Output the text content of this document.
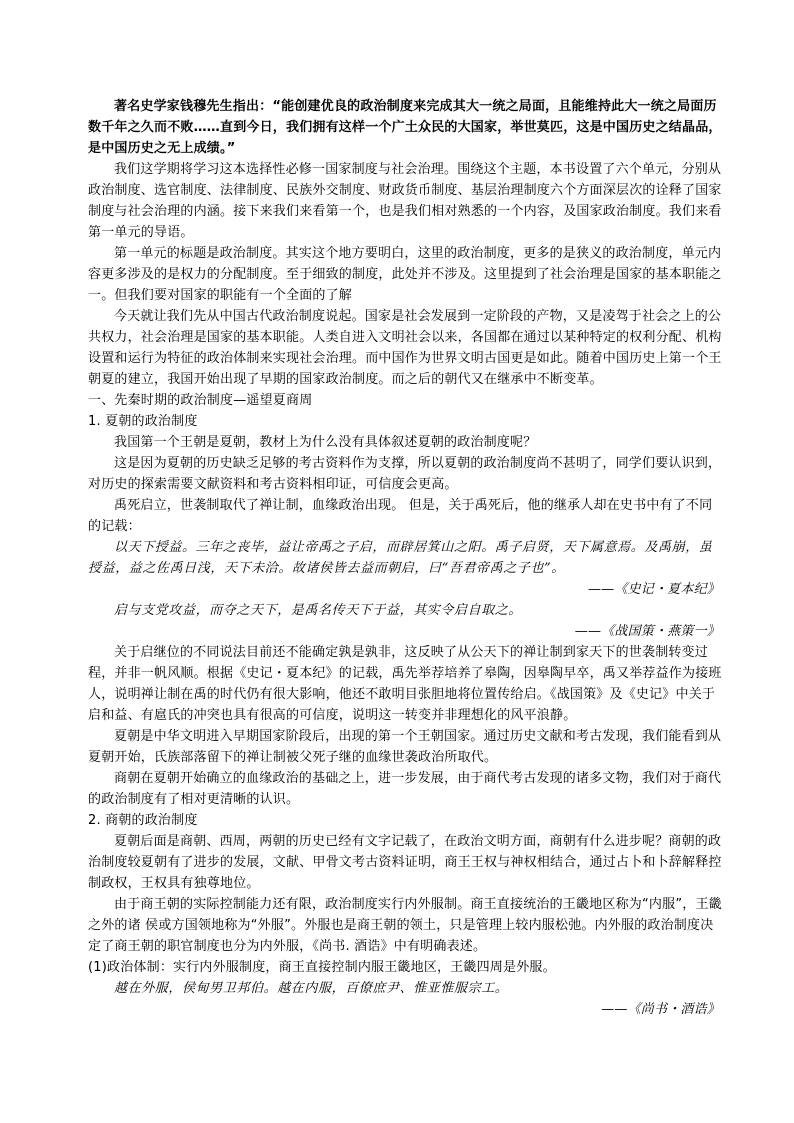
著名史学家钱穆先生指出：“能创建优良的政治制度来完成其大一统之局面，且能维持此大一统之局面历数千年之久而不败……直到今日，我们拥有这样一个广土众民的大国家，举世莫匹，这是中国历史之结晶品，是中国历史之无上成绩。”

我们这学期将学习这本选择性必修一国家制度与社会治理。围绕这个主题，本书设置了六个单元，分别从政治制度、选官制度、法律制度、民族外交制度、财政货币制度、基层治理制度六个方面深层次的诠释了国家制度与社会治理的内涵。接下来我们来看第一个，也是我们相对熟悉的一个内容，及国家政治制度。我们来看第一单元的导语。

第一单元的标题是政治制度。其实这个地方要明白，这里的政治制度，更多的是狭义的政治制度，单元内容更多涉及的是权力的分配制度。至于细致的制度，此处并不涉及。这里提到了社会治理是国家的基本职能之一。但我们要对国家的职能有一个全面的了解

今天就让我们先从中国古代政治制度说起。国家是社会发展到一定阶段的产物，又是凌驾于社会之上的公共权力，社会治理是国家的基本职能。人类自进入文明社会以来，各国都在通过以某种特定的权利分配、机构设置和运行为特征的政治体制来实现社会治理。而中国作为世界文明古国更是如此。随着中国历史上第一个王朝夏的建立，我国开始出现了早期的国家政治制度。而之后的朝代又在继承中不断变革。

一、先秦时期的政治制度—遥望夏商周

1. 夏朝的政治制度

我国第一个王朝是夏朝，教材上为什么没有具体叙述夏朝的政治制度呢？

这是因为夏朝的历史缺乏足够的考古资料作为支撑，所以夏朝的政治制度尚不甚明了，同学们要认识到，对历史的探索需要文献资料和考古资料相印证，可信度会更高。

禹死启立，世袭制取代了禅让制，血缘政治出现。 但是，关于禹死后，他的继承人却在史书中有了不同的记载：

以天下授益。三年之丧毕，益让帝禹之子启，而辟居箕山之阳。禹子启贤，天下属意焉。及禹崩，虽授益，益之佐禹日浅，天下未洽。故诸侯皆去益而朝启，曰“吾君帝禹之子也”。

——《史记・夏本纪》

启与支党攻益，而夺之天下，是禹名传天下于益，其实令启自取之。

——《战国策・燕策一》

关于启继位的不同说法目前还不能确定孰是孰非，这反映了从公天下的禅让制到家天下的世袭制转变过程，并非一帆风顺。根据《史记・夏本纪》的记载，禹先举荐培养了皋陶，因皋陶早卒，禹又举荐益作为接班人，说明禅让制在禹的时代仍有很大影响，他还不敢明目张胆地将位置传给启。《战国策》及《史记》中关于启和益、有扈氏的冲突也具有很高的可信度，说明这一转变并非理想化的风平浪静。

夏朝是中华文明进入早期国家阶段后，出现的第一个王朝国家。通过历史文献和考古发现，我们能看到从夏朝开始，氏族部落留下的禅让制被父死子继的血缘世袭政治所取代。

商朝在夏朝开始确立的血缘政治的基础之上，进一步发展，由于商代考古发现的诸多文物，我们对于商代的政治制度有了相对更清晰的认识。

2. 商朝的政治制度

夏朝后面是商朝、西周，两朝的历史已经有文字记载了，在政治文明方面，商朝有什么进步呢？商朝的政治制度较夏朝有了进步的发展，文献、甲骨文考古资料证明，商王王权与神权相结合，通过占卜和卜辞解释控制政权，王权具有独尊地位。

由于商王朝的实际控制能力还有限，政治制度实行内外服制。商王直接统治的王畿地区称为“内服”，王畿之外的诸 侯或方国领地称为“外服”。外服也是商王朝的领土，只是管理上较内服松弛。内外服的政治制度决定了商王朝的职官制度也分为内外服，《尚书. 酒诰》中有明确表述。

(1)政治体制：实行内外服制度，商王直接控制内服王畿地区，王畿四周是外服。

越在外服，侯甸男卫邦伯。越在内服，百僚庶尹、惟亚惟服宗工。

——《尚书・酒诰》
